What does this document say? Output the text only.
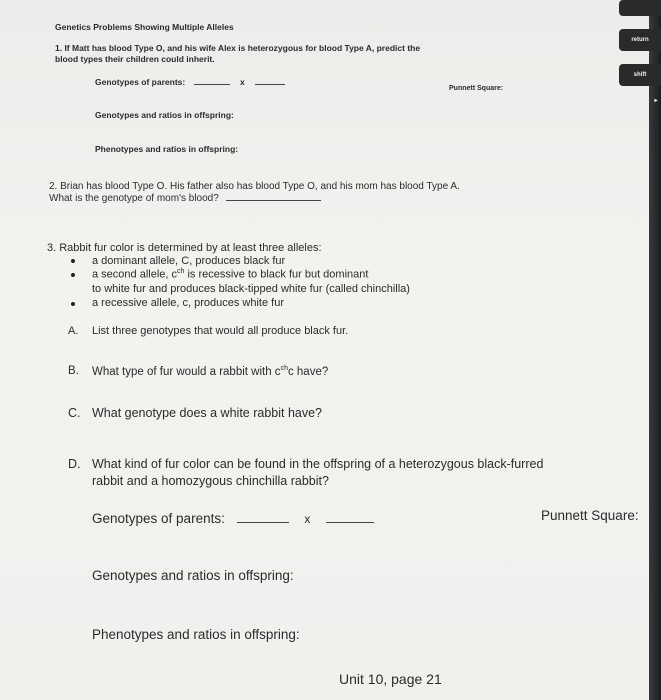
Genetics Problems Showing Multiple Alleles
1. If Matt has blood Type O, and his wife Alex is heterozygous for blood Type A, predict the
blood types their children could inherit.
Genotypes of parents:	x
Punnett Square:
Genotypes and ratios in offspring:
Phenotypes and ratios in offspring:
2. Brian has blood Type O. His father also has blood Type O, and his mom has blood Type A.
What is the genotype of mom's blood?
3. Rabbit fur color is determined by at least three alleles:
a dominant allele, C, produces black fur
a second allele, $c^{ch}$ is recessive to black fur but dominant
to white fur and produces black-tipped white fur (called chinchilla)
a recessive allele, c, produces white fur
A. List three genotypes that would all produce black fur.
B. What type of fur would a rabbit with $c^{ch}c$ have?
C. What genotype does a white rabbit have?
D. What kind of fur color can be found in the offspring of a heterozygous black-furred
rabbit and a homozygous chinchilla rabbit?
Genotypes of parents:	x	Punnett Square:
Genotypes and ratios in offspring:
Phenotypes and ratios in offspring:
Unit 10, page 21
return
shift
▸
